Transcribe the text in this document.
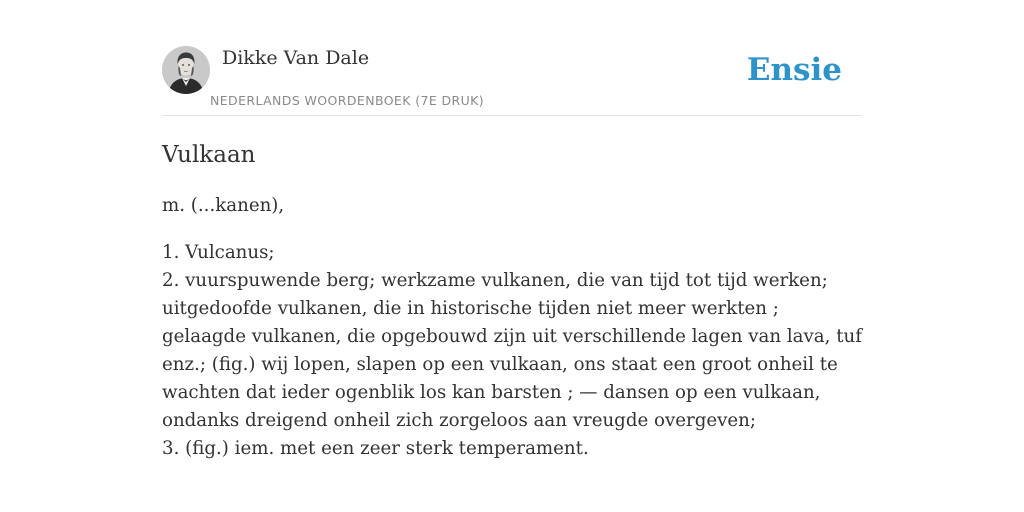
Dikke Van Dale
NEDERLANDS WOORDENBOEK (7E DRUK)
Ensie
Vulkaan

m. (...kanen),

1. Vulcanus;

2. vuurspuwende berg; werkzame vulkanen, die van tijd tot tijd werken; uitgedoofde vulkanen, die in historische tijden niet meer werkten ; gelaagde vulkanen, die opgebouwd zijn uit verschillende lagen van lava, tuf enz.; (fig.) wij lopen, slapen op een vulkaan, ons staat een groot onheil te wachten dat ieder ogenblik los kan barsten ; — dansen op een vulkaan, ondanks dreigend onheil zich zorgeloos aan vreugde overgeven;

3. (fig.) iem. met een zeer sterk temperament.
